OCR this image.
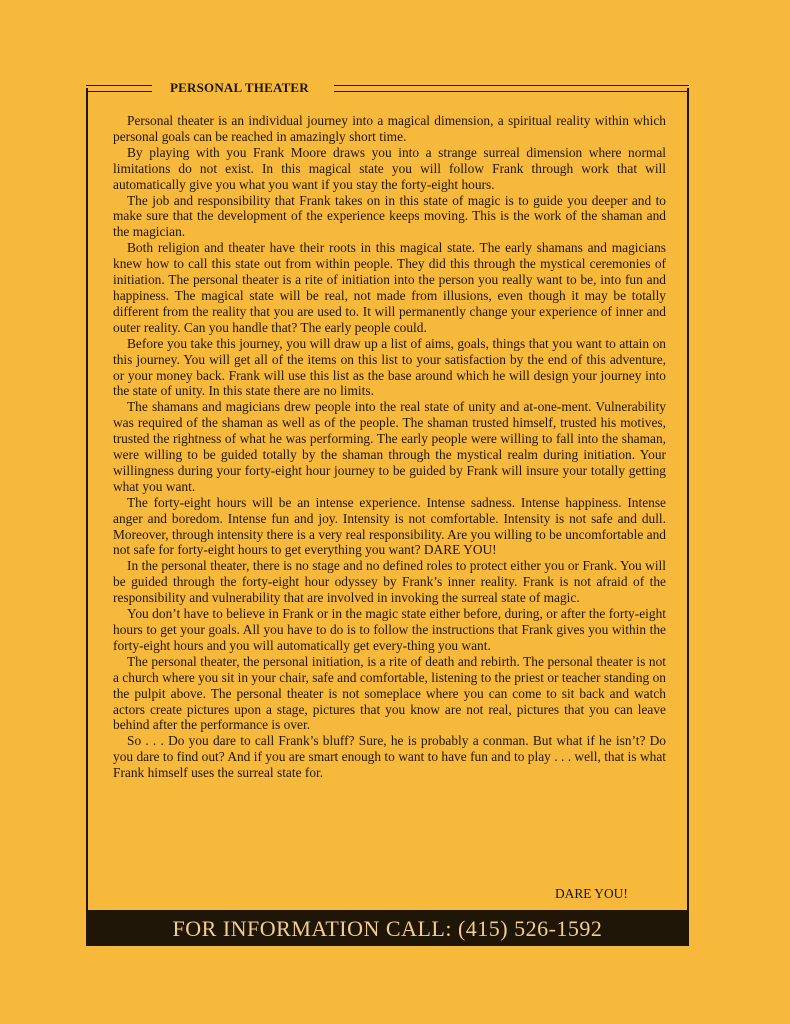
PERSONAL THEATER

Personal theater is an individual journey into a magical dimension, a spiritual reality within which personal goals can be reached in amazingly short time.

By playing with you Frank Moore draws you into a strange surreal dimension where normal limitations do not exist. In this magical state you will follow Frank through work that will automatically give you what you want if you stay the forty-eight hours.

The job and responsibility that Frank takes on in this state of magic is to guide you deeper and to make sure that the development of the experience keeps moving. This is the work of the shaman and the magician.

Both religion and theater have their roots in this magical state. The early shamans and magicians knew how to call this state out from within people. They did this through the mystical ceremonies of initiation. The personal theater is a rite of initiation into the person you really want to be, into fun and happiness. The magical state will be real, not made from illusions, even though it may be totally different from the reality that you are used to. It will permanently change your experience of inner and outer reality. Can you handle that? The early people could.

Before you take this journey, you will draw up a list of aims, goals, things that you want to attain on this journey. You will get all of the items on this list to your satisfaction by the end of this adventure, or your money back. Frank will use this list as the base around which he will design your journey into the state of unity. In this state there are no limits.

The shamans and magicians drew people into the real state of unity and at-one-ment. Vulnerability was required of the shaman as well as of the people. The shaman trusted himself, trusted his motives, trusted the rightness of what he was performing. The early people were willing to fall into the shaman, were willing to be guided totally by the shaman through the mystical realm during initiation. Your willingness during your forty-eight hour journey to be guided by Frank will insure your totally getting what you want.

The forty-eight hours will be an intense experience. Intense sadness. Intense happiness. Intense anger and boredom. Intense fun and joy. Intensity is not comfortable. Intensity is not safe and dull. Moreover, through intensity there is a very real responsibility. Are you willing to be uncomfortable and not safe for forty-eight hours to get everything you want? DARE YOU!

In the personal theater, there is no stage and no defined roles to protect either you or Frank. You will be guided through the forty-eight hour odyssey by Frank’s inner reality. Frank is not afraid of the responsibility and vulnerability that are involved in invoking the surreal state of magic.

You don’t have to believe in Frank or in the magic state either before, during, or after the forty-eight hours to get your goals. All you have to do is to follow the instructions that Frank gives you within the forty-eight hours and you will automatically get every-thing you want.

The personal theater, the personal initiation, is a rite of death and rebirth. The personal theater is not a church where you sit in your chair, safe and comfortable, listening to the priest or teacher standing on the pulpit above. The personal theater is not someplace where you can come to sit back and watch actors create pictures upon a stage, pictures that you know are not real, pictures that you can leave behind after the performance is over.

So . . . Do you dare to call Frank’s bluff? Sure, he is probably a conman. But what if he isn’t? Do you dare to find out? And if you are smart enough to want to have fun and to play . . . well, that is what Frank himself uses the surreal state for.

DARE YOU!
FOR INFORMATION CALL: (415) 526-1592
